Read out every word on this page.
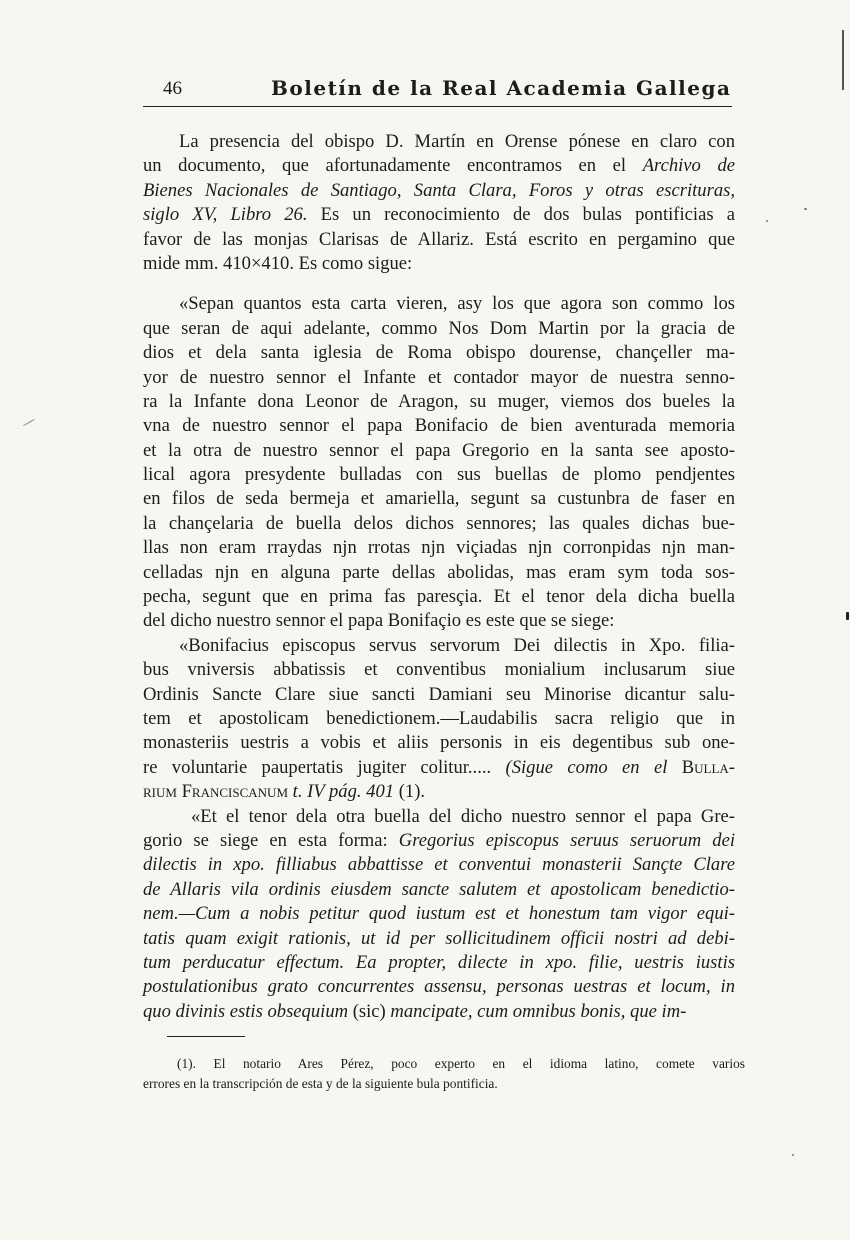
46	Boletín de la Real Academia Gallega
La presencia del obispo D. Martín en Orense pónese en claro con
un documento, que afortunadamente encontramos en el Archivo de
Bienes Nacionales de Santiago, Santa Clara, Foros y otras escrituras,
siglo XV, Libro 26. Es un reconocimiento de dos bulas pontificias a
favor de las monjas Clarisas de Allariz. Está escrito en pergamino que
mide mm. 410×410. Es como sigue:
«Sepan quantos esta carta vieren, asy los que agora son commo los
que seran de aqui adelante, commo Nos Dom Martin por la gracia de
dios et dela santa iglesia de Roma obispo dourense, chançeller ma-
yor de nuestro sennor el Infante et contador mayor de nuestra senno-
ra la Infante dona Leonor de Aragon, su muger, viemos dos bueles la
vna de nuestro sennor el papa Bonifacio de bien aventurada memoria
et la otra de nuestro sennor el papa Gregorio en la santa see aposto-
lical agora presydente bulladas con sus buellas de plomo pendjentes
en filos de seda bermeja et amariella, segunt sa custunbra de faser en
la chançelaria de buella delos dichos sennores; las quales dichas bue-
llas non eram rraydas njn rrotas njn viçiadas njn corronpidas njn man-
celladas njn en alguna parte dellas abolidas, mas eram sym toda sos-
pecha, segunt que en prima fas paresçia. Et el tenor dela dicha buella
del dicho nuestro sennor el papa Bonifaçio es este que se siege:
«Bonifacius episcopus servus servorum Dei dilectis in Xpo. filia-
bus vniversis abbatissis et conventibus monialium inclusarum siue
Ordinis Sancte Clare siue sancti Damiani seu Minorise dicantur salu-
tem et apostolicam benedictionem.—Laudabilis sacra religio que in
monasteriis uestris a vobis et aliis personis in eis degentibus sub one-
re voluntarie paupertatis jugiter colitur..... (Sigue como en el Bulla-
rium Franciscanum t. IV pág. 401 (1).
«Et el tenor dela otra buella del dicho nuestro sennor el papa Gre-
gorio se siege en esta forma: Gregorius episcopus seruus seruorum dei
dilectis in xpo. filliabus abbattisse et conventui monasterii Sançte Clare
de Allaris vila ordinis eiusdem sancte salutem et apostolicam benedictio-
nem.—Cum a nobis petitur quod iustum est et honestum tam vigor equi-
tatis quam exigit rationis, ut id per sollicitudinem officii nostri ad debi-
tum perducatur effectum. Ea propter, dilecte in xpo. filie, uestris iustis
postulationibus grato concurrentes assensu, personas uestras et locum, in
quo divinis estis obsequium (sic) mancipate, cum omnibus bonis, que im-
(1). El notario Ares Pérez, poco experto en el idioma latino, comete varios
errores en la transcripción de esta y de la siguiente bula pontificia.
